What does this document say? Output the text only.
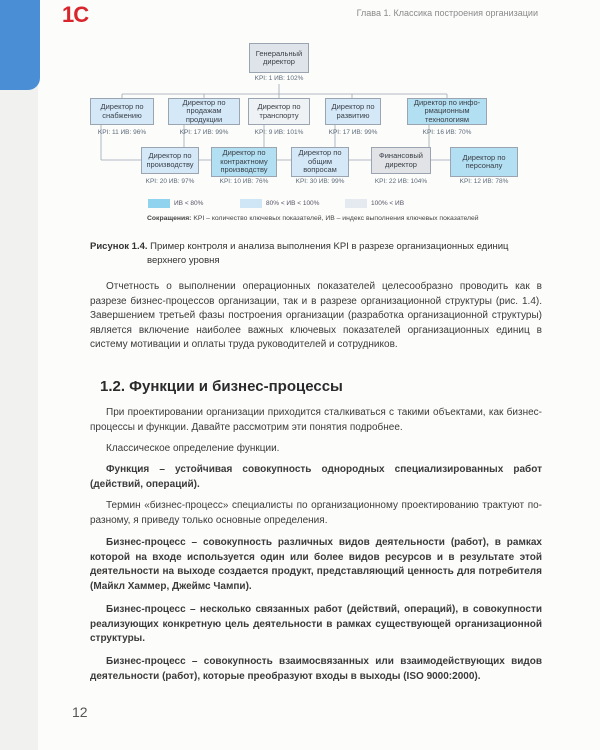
1С	Глава 1. Классика построения организации
Генеральный директор
KPI: 1 ИВ: 102%
Директор по снабжению
KPI: 11 ИВ: 96%
Директор по продажам продукции
KPI: 17 ИВ: 99%
Директор по транспорту
KPI: 9 ИВ: 101%
Директор по развитию
KPI: 17 ИВ: 99%
Директор по инфо-рмационным технологиям
KPI: 16 ИВ: 70%
Директор по производству
KPI: 20 ИВ: 97%
Директор по контрактному производству
KPI: 10 ИВ: 76%
Директор по общим вопросам
KPI: 30 ИВ: 99%
Финансовый директор
KPI: 22 ИВ: 104%
Директор по персоналу
KPI: 12 ИВ: 78%
ИВ < 80%	80% < ИВ < 100%	100% < ИВ
Сокращения: KPI – количество ключевых показателей, ИВ – индекс выполнения ключевых показателей
Рисунок 1.4. Пример контроля и анализа выполнения KPI в разрезе организационных единиц
верхнего уровня
Отчетность о выполнении операционных показателей целесообразно проводить как в разрезе бизнес-процессов организации, так и в разрезе организационной структуры (рис. 1.4). Завершением третьей фазы построения организации (разработка организационной структуры) является включение наиболее важных ключевых показателей организационных единиц в систему мотивации и оплаты труда руководителей и сотрудников.
1.2. Функции и бизнес-процессы
При проектировании организации приходится сталкиваться с такими объектами, как бизнес-процессы и функции. Давайте рассмотрим эти понятия подробнее.
Классическое определение функции.
Функция – устойчивая совокупность однородных специализированных работ (действий, операций).
Термин «бизнес-процесс» специалисты по организационному проектированию трактуют по-разному, я приведу только основные определения.
Бизнес-процесс – совокупность различных видов деятельности (работ), в рамках которой на входе используется один или более видов ресурсов и в результате этой деятельности на выходе создается продукт, представляющий ценность для потребителя (Майкл Хаммер, Джеймс Чампи).
Бизнес-процесс – несколько связанных работ (действий, операций), в совокупности реализующих конкретную цель деятельности в рамках существующей организационной структуры.
Бизнес-процесс – совокупность взаимосвязанных или взаимодействующих видов деятельности (работ), которые преобразуют входы в выходы (ISO 9000:2000).
12
